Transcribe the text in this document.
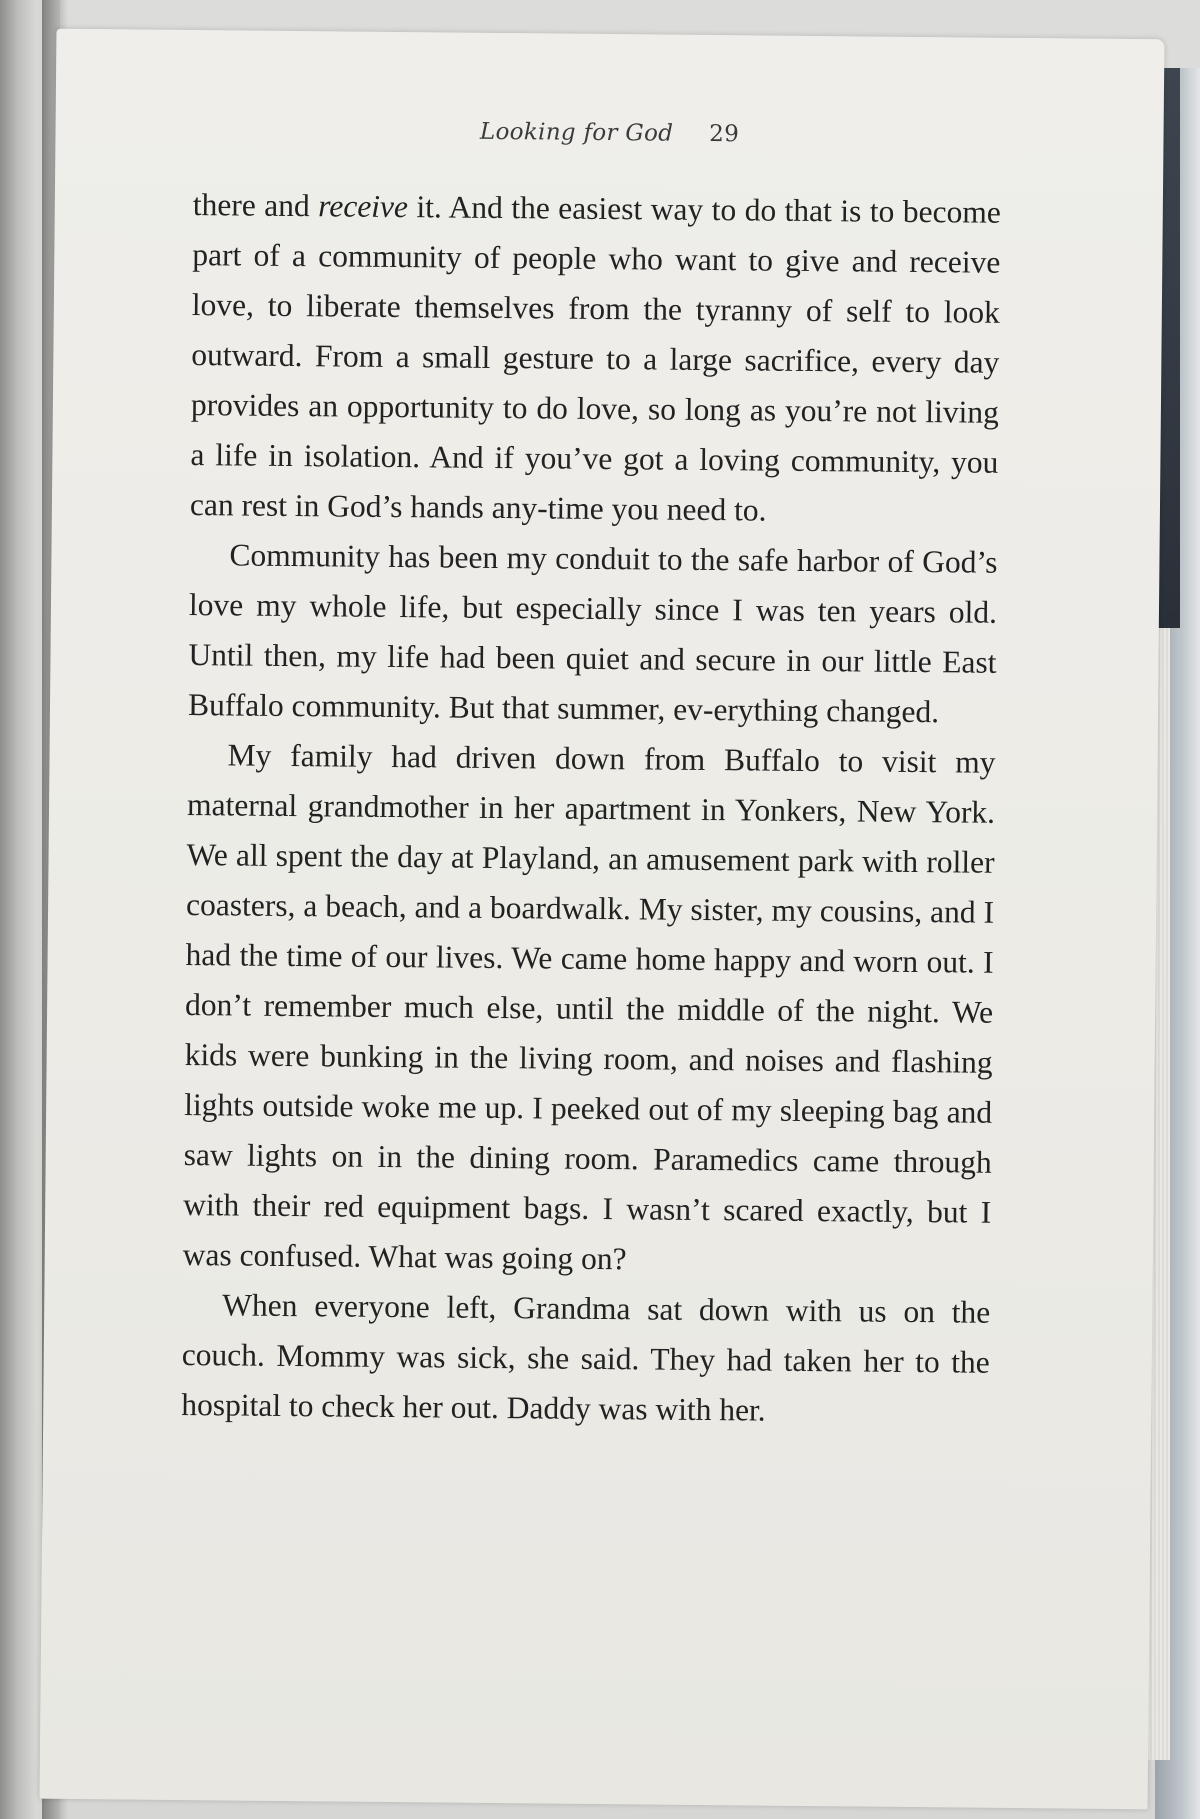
Looking for God 29

there and receive it. And the easiest way to do that is to become part of a community of people who want to give and receive love, to liberate themselves from the tyranny of self to look outward. From a small gesture to a large sacrifice, every day provides an opportunity to do love, so long as you’re not living a life in isolation. And if you’ve got a loving community, you can rest in God’s hands any-time you need to.

Community has been my conduit to the safe harbor of God’s love my whole life, but especially since I was ten years old. Until then, my life had been quiet and secure in our little East Buffalo community. But that summer, ev-erything changed.

My family had driven down from Buffalo to visit my maternal grandmother in her apartment in Yonkers, New York. We all spent the day at Playland, an amusement park with roller coasters, a beach, and a boardwalk. My sister, my cousins, and I had the time of our lives. We came home happy and worn out. I don’t remember much else, until the middle of the night. We kids were bunking in the living room, and noises and flashing lights outside woke me up. I peeked out of my sleeping bag and saw lights on in the dining room. Paramedics came through with their red equipment bags. I wasn’t scared exactly, but I was confused. What was going on?

When everyone left, Grandma sat down with us on the couch. Mommy was sick, she said. They had taken her to the hospital to check her out. Daddy was with her.
